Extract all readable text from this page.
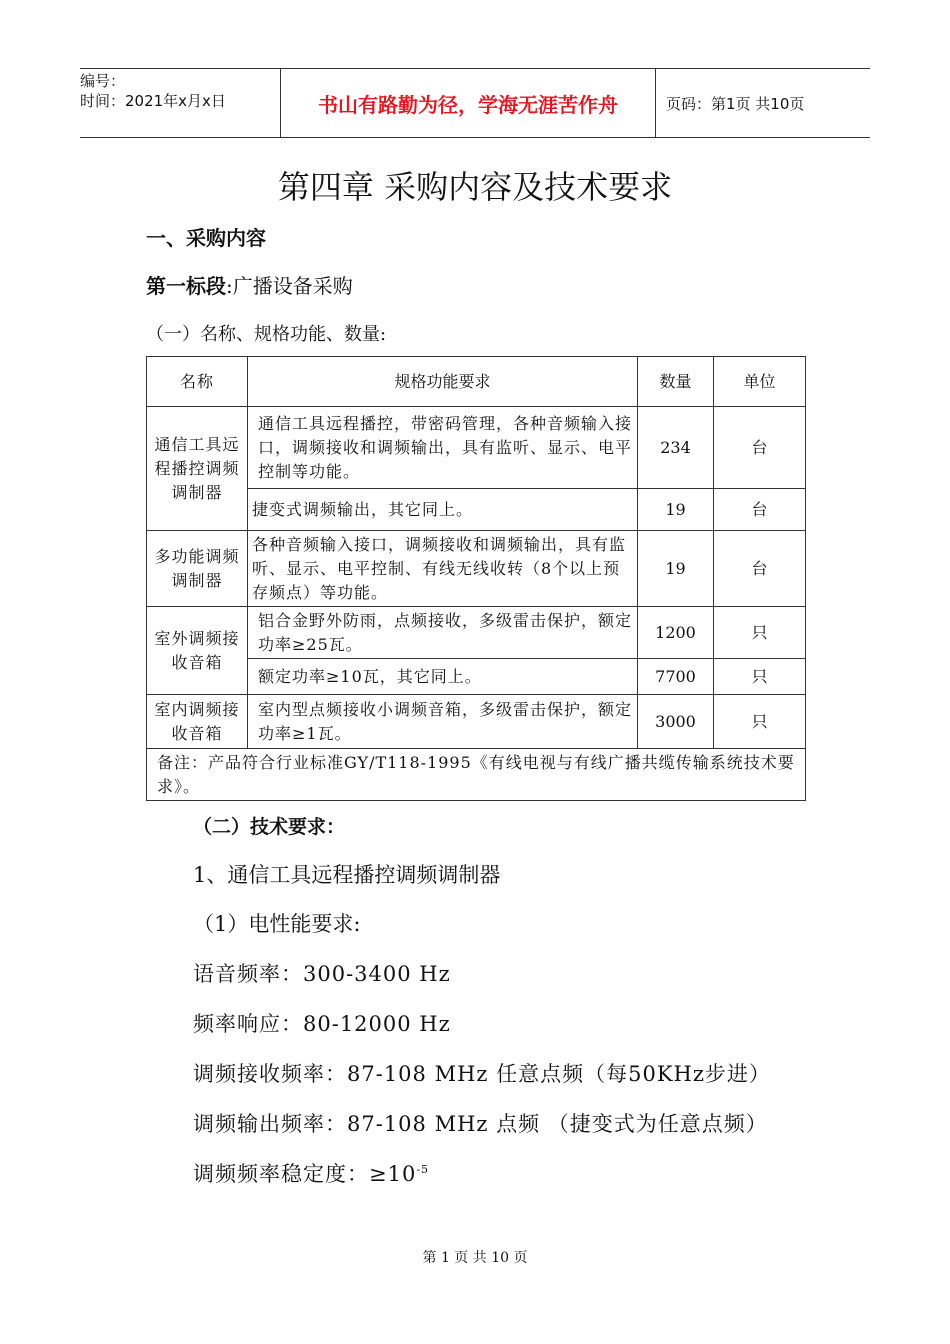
编号：
时间：2021年x月x日	书山有路勤为径，学海无涯苦作舟	页码：第1页 共10页
第四章 采购内容及技术要求
一、采购内容
第一标段:广播设备采购
（一）名称、规格功能、数量:
名称	规格功能要求	数量	单位
通信工具远程播控调频调制器	通信工具远程播控，带密码管理，各种音频输入接口，调频接收和调频输出，具有监听、显示、电平控制等功能。	234	台
	捷变式调频输出，其它同上。	19	台
多功能调频调制器	各种音频输入接口，调频接收和调频输出，具有监听、显示、电平控制、有线无线收转（8个以上预存频点）等功能。	19	台
室外调频接收音箱	铝合金野外防雨，点频接收，多级雷击保护，额定功率≥25瓦。	1200	只
	额定功率≥10瓦，其它同上。	7700	只
室内调频接收音箱	室内型点频接收小调频音箱，多级雷击保护，额定功率≥1瓦。	3000	只
备注：产品符合行业标准GY/T118-1995《有线电视与有线广播共缆传输系统技术要求》。			
（二）技术要求：
1、通信工具远程播控调频调制器
（1）电性能要求:
语音频率：300-3400 Hz
频率响应：80-12000 Hz
调频接收频率：87-108 MHz 任意点频（每50KHz步进）
调频输出频率：87-108 MHz 点频 （捷变式为任意点频）
调频频率稳定度：$\ge 10^{-5}$
第 1 页 共 10 页
